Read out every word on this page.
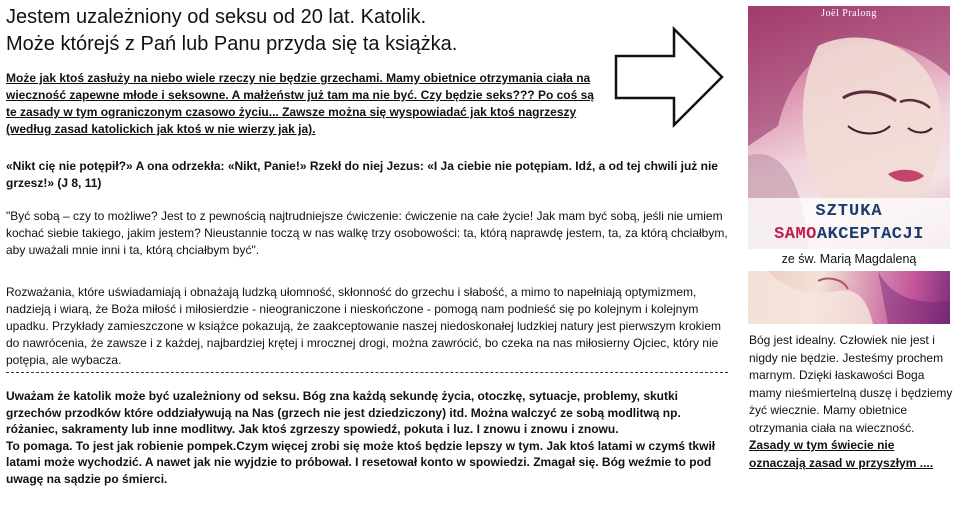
Jestem uzależniony od seksu od 20 lat. Katolik.
Może którejś z Pań lub Panu przyda się ta książka.
Może jak ktoś zasłuży na niebo wiele rzeczy nie będzie grzechami. Mamy obietnice otrzymania ciała na wieczność zapewne młode i seksowne. A małżeństw już tam ma nie być. Czy będzie seks??? Po coś są te zasady w tym ograniczonym czasowo życiu... Zawsze można się wyspowiadać jak ktoś nagrzeszy (według zasad katolickich jak ktoś w nie wierzy jak ja).
«Nikt cię nie potępił?» A ona odrzekła: «Nikt, Panie!» Rzekł do niej Jezus: «I Ja ciebie nie potępiam. Idź, a od tej chwili już nie grzesz!» (J 8, 11)
"Być sobą – czy to możliwe? Jest to z pewnością najtrudniejsze ćwiczenie: ćwiczenie na całe życie! Jak mam być sobą, jeśli nie umiem kochać siebie takiego, jakim jestem? Nieustannie toczą w nas walkę trzy osobowości: ta, którą naprawdę jestem, ta, za którą chciałbym, aby uważali mnie inni i ta, którą chciałbym być".
Rozważania, które uświadamiają i obnażają ludzką ułomność, skłonność do grzechu i słabość, a mimo to napełniają optymizmem, nadzieją i wiarą, że Boża miłość i miłosierdzie - nieograniczone i nieskończone - pomogą nam podnieść się po kolejnym i kolejnym upadku. Przykłady zamieszczone w książce pokazują, że zaakceptowanie naszej niedoskonałej ludzkiej natury jest pierwszym krokiem do nawrócenia, że zawsze i z każdej, najbardziej krętej i mrocznej drogi, można zawrócić, bo czeka na nas miłosierny Ojciec, który nie potępia, ale wybacza.
Uważam że katolik może być uzależniony od seksu. Bóg zna każdą sekundę życia, otoczkę, sytuacje, problemy, skutki grzechów przodków które oddziaływują na Nas (grzech nie jest dziedziczony) itd. Można walczyć ze sobą modlitwą np. różaniec, sakramenty lub inne modlitwy. Jak ktoś zgrzeszy spowiedź, pokuta i luz. I znowu i znowu i znowu.
To pomaga. To jest jak robienie pompek.Czym więcej zrobi się może ktoś będzie lepszy w tym. Jak ktoś latami w czymś tkwił latami może wychodzić. A nawet jak nie wyjdzie to próbował. I resetował konto w spowiedzi. Zmagał się. Bóg weźmie to pod uwagę na sądzie po śmierci.
Joël Pralong
SZTUKA
SAMOAKCEPTACJI
ze św. Marią Magdaleną
Bóg jest idealny. Człowiek nie jest i nigdy nie będzie. Jesteśmy prochem marnym. Dzięki łaskawości Boga mamy nieśmiertelną duszę i będziemy żyć wiecznie. Mamy obietnice otrzymania ciała na wieczność.
Zasady w tym świecie nie oznaczają zasad w przyszłym ....
